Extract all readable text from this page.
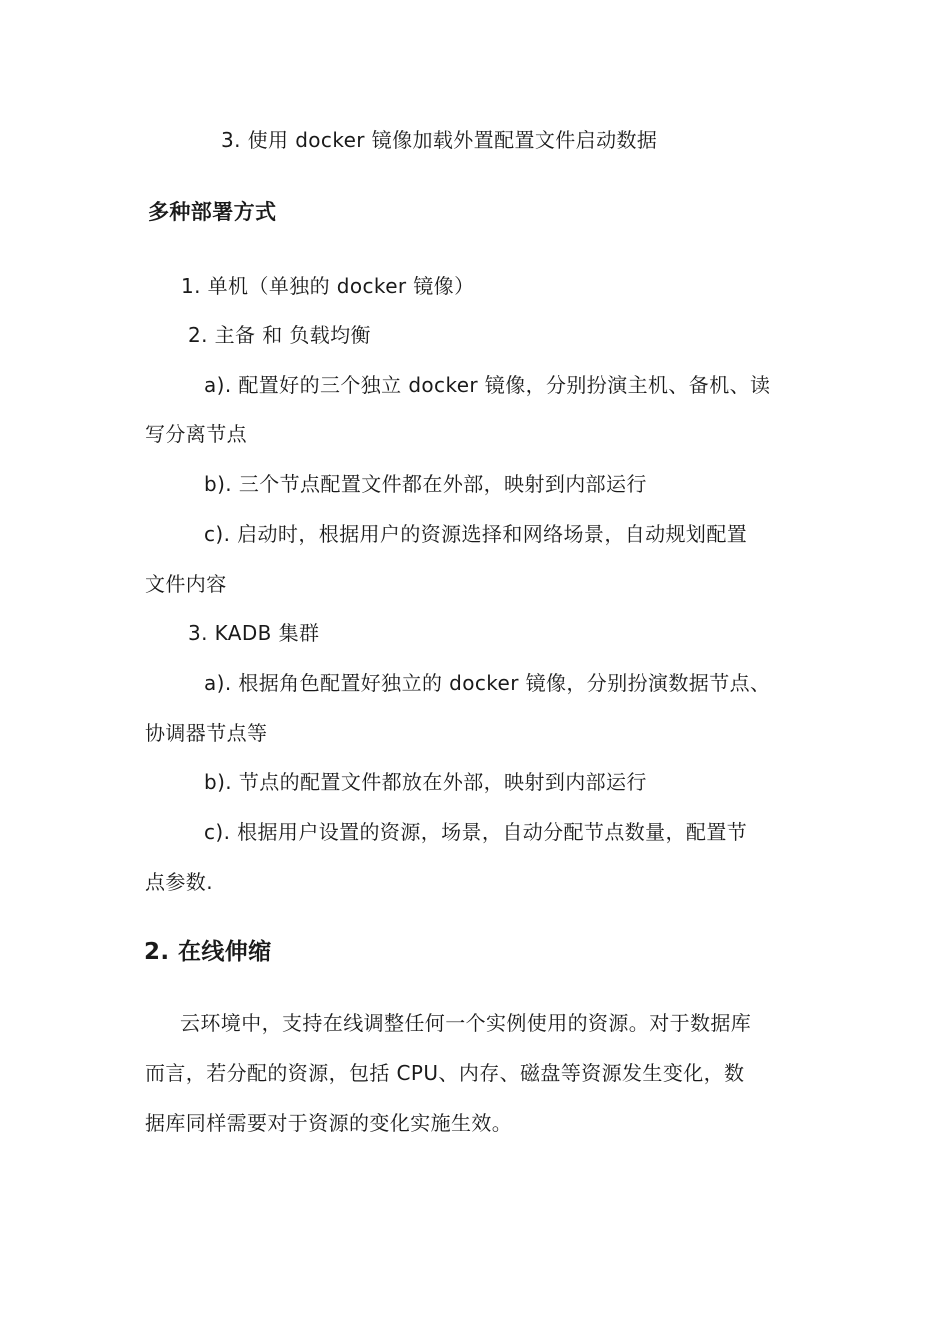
3. 使用 docker 镜像加载外置配置文件启动数据
多种部署方式
1. 单机（单独的 docker 镜像）
2. 主备 和 负载均衡
a). 配置好的三个独立 docker 镜像，分别扮演主机、备机、读
写分离节点
b). 三个节点配置文件都在外部，映射到内部运行
c). 启动时，根据用户的资源选择和网络场景，自动规划配置
文件内容
3. KADB 集群
a). 根据角色配置好独立的 docker 镜像，分别扮演数据节点、
协调器节点等
b). 节点的配置文件都放在外部，映射到内部运行
c). 根据用户设置的资源，场景，自动分配节点数量，配置节
点参数.
2. 在线伸缩
云环境中，支持在线调整任何一个实例使用的资源。对于数据库
而言，若分配的资源，包括 CPU、内存、磁盘等资源发生变化，数
据库同样需要对于资源的变化实施生效。
